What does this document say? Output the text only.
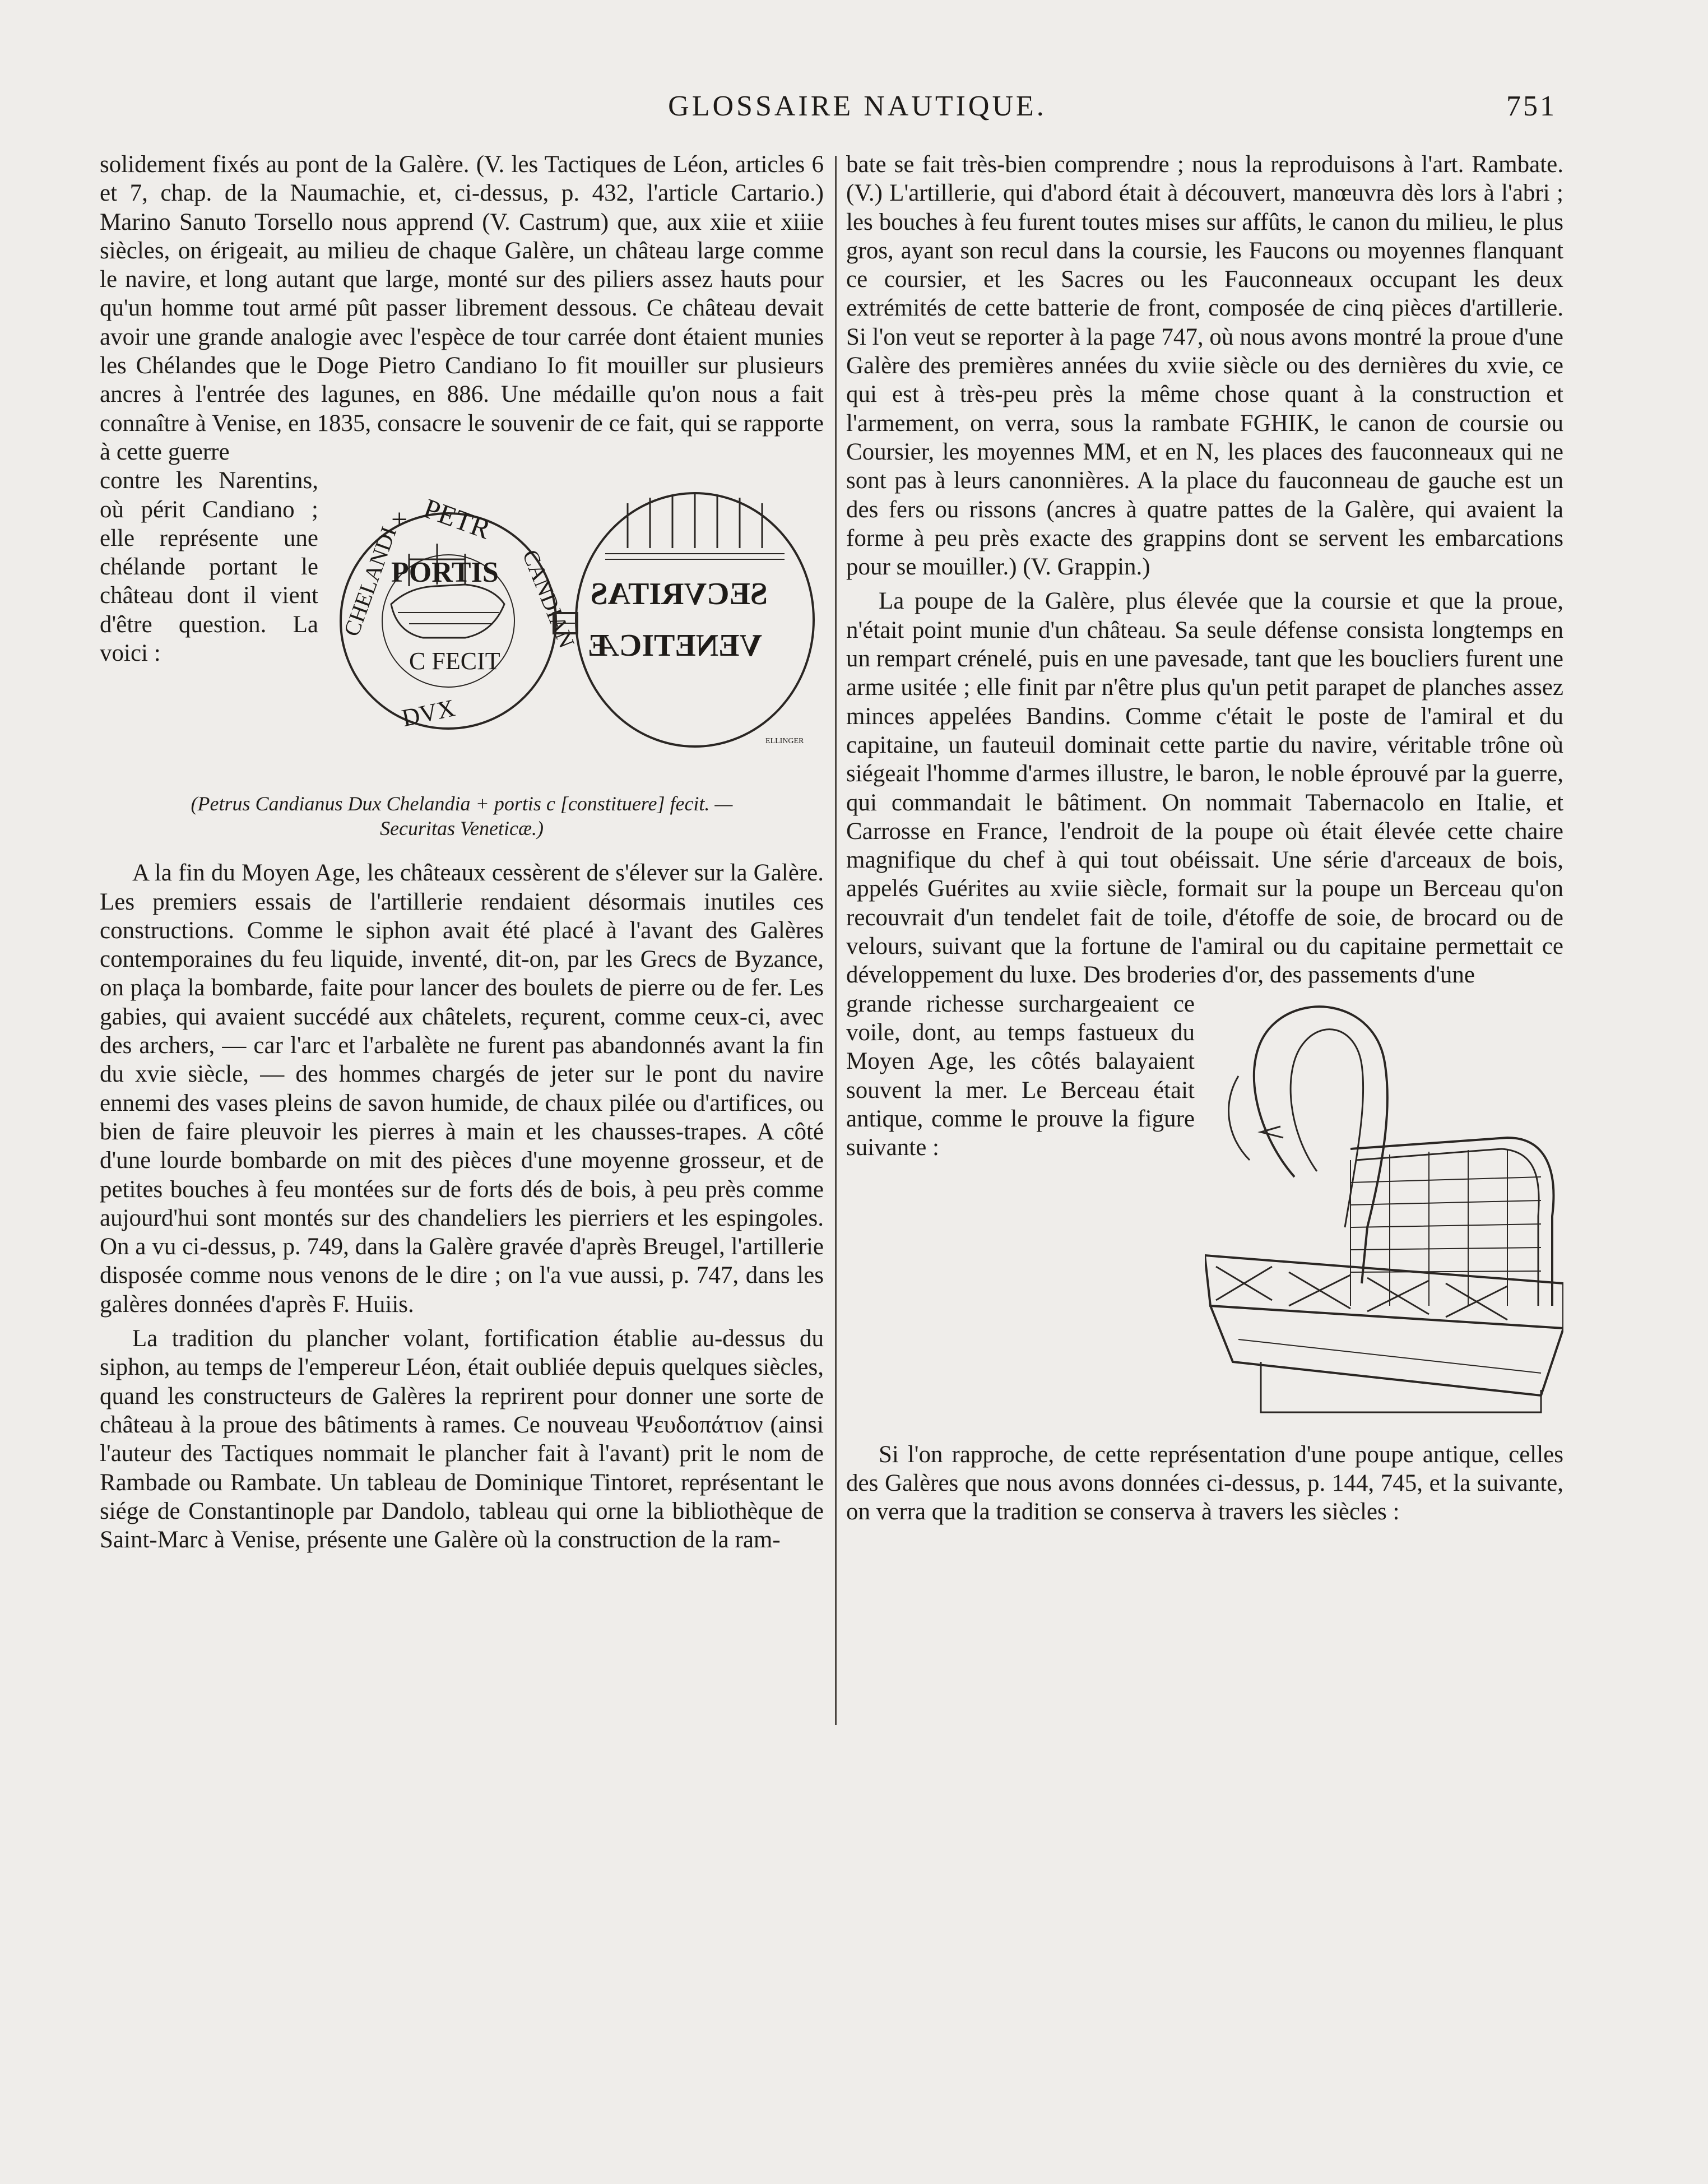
GLOSSAIRE NAUTIQUE.	751

solidement fixés au pont de la Galère. (V. les Tactiques de Léon, articles 6 et 7, chap. de la Naumachie, et, ci-dessus, p. 432, l'article Cartario.) Marino Sanuto Torsello nous apprend (V. Castrum) que, aux xiie et xiiie siècles, on érigeait, au milieu de chaque Galère, un château large comme le navire, et long autant que large, monté sur des piliers assez hauts pour qu'un homme tout armé pût passer librement dessous. Ce château devait avoir une grande analogie avec l'espèce de tour carrée dont étaient munies les Chélandes que le Doge Pietro Candiano Io fit mouiller sur plusieurs ancres à l'entrée des lagunes, en 886. Une médaille qu'on nous a fait connaître à Venise, en 1835, consacre le souvenir de ce fait, qui se rapporte à cette guerre

+ PETR
PORTIS
C FECIT
CHELANDI
DVX
CANDIAN SECVRITAS
VENETICÆ
ELLINGER

contre les Narentins, où périt Candiano ; elle représente une chélande portant le château dont il vient d'être question. La voici :

(Petrus Candianus Dux Chelandia + portis c [constituere] fecit. —
Securitas Veneticæ.)

A la fin du Moyen Age, les châteaux cessèrent de s'élever sur la Galère. Les premiers essais de l'artillerie rendaient désormais inutiles ces constructions. Comme le siphon avait été placé à l'avant des Galères contemporaines du feu liquide, inventé, dit-on, par les Grecs de Byzance, on plaça la bombarde, faite pour lancer des boulets de pierre ou de fer. Les gabies, qui avaient succédé aux châtelets, reçurent, comme ceux-ci, avec des archers, — car l'arc et l'arbalète ne furent pas abandonnés avant la fin du xvie siècle, — des hommes chargés de jeter sur le pont du navire ennemi des vases pleins de savon humide, de chaux pilée ou d'artifices, ou bien de faire pleuvoir les pierres à main et les chausses-trapes. A côté d'une lourde bombarde on mit des pièces d'une moyenne grosseur, et de petites bouches à feu montées sur de forts dés de bois, à peu près comme aujourd'hui sont montés sur des chandeliers les pierriers et les espingoles. On a vu ci-dessus, p. 749, dans la Galère gravée d'après Breugel, l'artillerie disposée comme nous venons de le dire ; on l'a vue aussi, p. 747, dans les galères données d'après F. Huiis.

La tradition du plancher volant, fortification établie au-dessus du siphon, au temps de l'empereur Léon, était oubliée depuis quelques siècles, quand les constructeurs de Galères la reprirent pour donner une sorte de château à la proue des bâtiments à rames. Ce nouveau Ψευδοπάτιον (ainsi l'auteur des Tactiques nommait le plancher fait à l'avant) prit le nom de Rambade ou Rambate. Un tableau de Dominique Tintoret, représentant le siége de Constantinople par Dandolo, tableau qui orne la bibliothèque de Saint-Marc à Venise, présente une Galère où la construction de la ram-

bate se fait très-bien comprendre ; nous la reproduisons à l'art. Rambate. (V.) L'artillerie, qui d'abord était à découvert, manœuvra dès lors à l'abri ; les bouches à feu furent toutes mises sur affûts, le canon du milieu, le plus gros, ayant son recul dans la coursie, les Faucons ou moyennes flanquant ce coursier, et les Sacres ou les Fauconneaux occupant les deux extrémités de cette batterie de front, composée de cinq pièces d'artillerie. Si l'on veut se reporter à la page 747, où nous avons montré la proue d'une Galère des premières années du xviie siècle ou des dernières du xvie, ce qui est à très-peu près la même chose quant à la construction et l'armement, on verra, sous la rambate FGHIK, le canon de coursie ou Coursier, les moyennes MM, et en N, les places des fauconneaux qui ne sont pas à leurs canonnières. A la place du fauconneau de gauche est un des fers ou rissons (ancres à quatre pattes de la Galère, qui avaient la forme à peu près exacte des grappins dont se servent les embarcations pour se mouiller.) (V. Grappin.)

La poupe de la Galère, plus élevée que la coursie et que la proue, n'était point munie d'un château. Sa seule défense consista longtemps en un rempart crénelé, puis en une pavesade, tant que les boucliers furent une arme usitée ; elle finit par n'être plus qu'un petit parapet de planches assez minces appelées Bandins. Comme c'était le poste de l'amiral et du capitaine, un fauteuil dominait cette partie du navire, véritable trône où siégeait l'homme d'armes illustre, le baron, le noble éprouvé par la guerre, qui commandait le bâtiment. On nommait Tabernacolo en Italie, et Carrosse en France, l'endroit de la poupe où était élevée cette chaire magnifique du chef à qui tout obéissait. Une série d'arceaux de bois, appelés Guérites au xviie siècle, formait sur la poupe un Berceau qu'on recouvrait d'un tendelet fait de toile, d'étoffe de soie, de brocard ou de velours, suivant que la fortune de l'amiral ou du capitaine permettait ce développement du luxe. Des broderies d'or, des passements d'une

grande richesse surchargeaient ce voile, dont, au temps fastueux du Moyen Age, les côtés balayaient souvent la mer. Le Berceau était antique, comme le prouve la figure suivante :

Si l'on rapproche, de cette représentation d'une poupe antique, celles des Galères que nous avons données ci-dessus, p. 144, 745, et la suivante, on verra que la tradition se conserva à travers les siècles :
